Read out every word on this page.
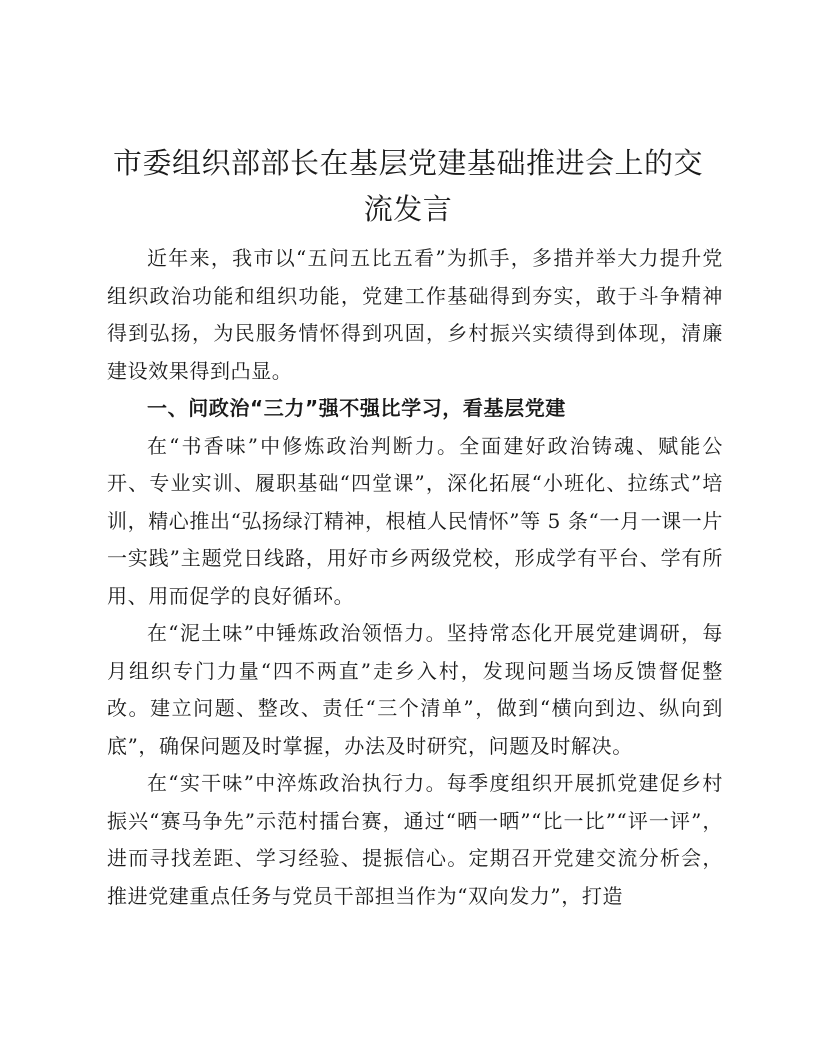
市委组织部部长在基层党建基础推进会上的交
流发言

近年来，我市以“五问五比五看”为抓手，多措并举大力提升党组织政治功能和组织功能，党建工作基础得到夯实，敢于斗争精神得到弘扬，为民服务情怀得到巩固，乡村振兴实绩得到体现，清廉建设效果得到凸显。

一、问政治“三力”强不强比学习，看基层党建

在“书香味”中修炼政治判断力。全面建好政治铸魂、赋能公开、专业实训、履职基础“四堂课”，深化拓展“小班化、拉练式”培训，精心推出“弘扬绿汀精神，根植人民情怀”等 5 条“一月一课一片一实践”主题党日线路，用好市乡两级党校，形成学有平台、学有所用、用而促学的良好循环。

在“泥土味”中锤炼政治领悟力。坚持常态化开展党建调研，每月组织专门力量“四不两直”走乡入村，发现问题当场反馈督促整改。建立问题、整改、责任“三个清单”，做到“横向到边、纵向到底”，确保问题及时掌握，办法及时研究，问题及时解决。

在“实干味”中淬炼政治执行力。每季度组织开展抓党建促乡村振兴“赛马争先”示范村擂台赛，通过“晒一晒”“比一比”“评一评”，进而寻找差距、学习经验、提振信心。定期召开党建交流分析会，推进党建重点任务与党员干部担当作为“双向发力”，打造
